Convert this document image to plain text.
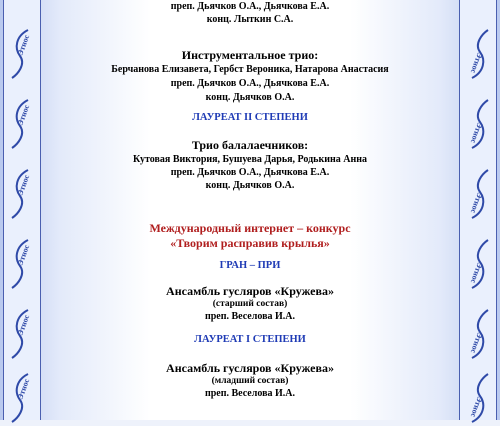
Этнос
Этнос
Этнос
Этнос
Этнос
Этнос
Этнос
Этнос
Этнос
Этнос
Этнос
Этнос
преп. Дьячков О.А., Дьячкова Е.А.
конц. Лыткин С.А.
Инструментальное трио:
Берчанова Елизавета, Гербст Вероника, Натарова Анастасия
преп. Дьячков О.А., Дьячкова Е.А.
конц. Дьячков О.А.
ЛАУРЕАТ II СТЕПЕНИ
Трио балалаечников:
Кутовая Виктория, Бушуева Дарья, Родькина Анна
преп. Дьячков О.А., Дьячкова Е.А.
конц. Дьячков О.А.
Международный интернет – конкурс
«Творим расправив крылья»
ГРАН – ПРИ
Ансамбль гусляров «Кружева»
(старший состав)
преп. Веселова И.А.
ЛАУРЕАТ I СТЕПЕНИ
Ансамбль гусляров «Кружева»
(младший состав)
преп. Веселова И.А.
